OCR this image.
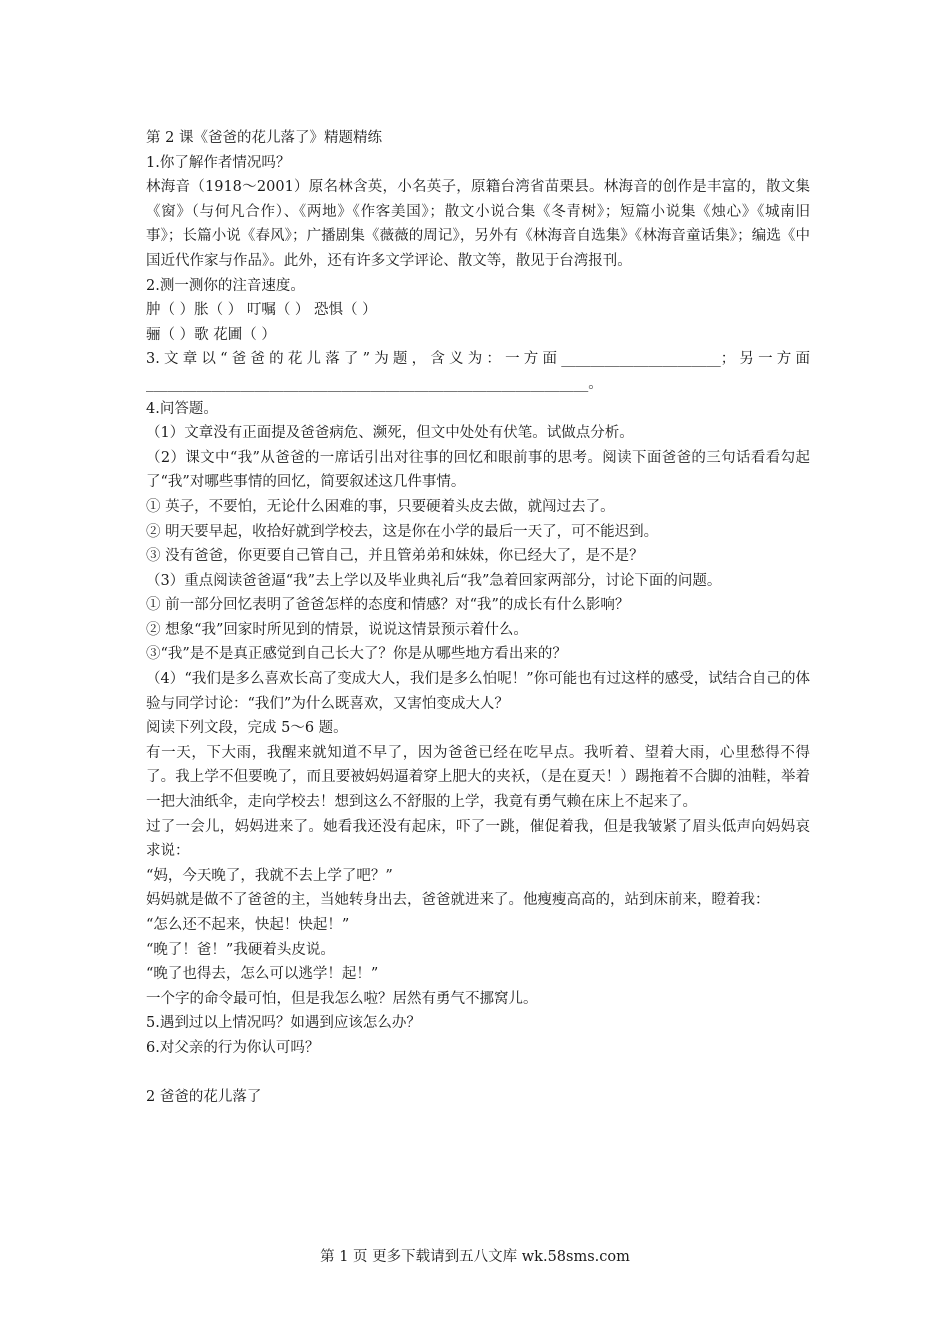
第 2 课《爸爸的花儿落了》精题精练

1.你了解作者情况吗？

林海音（1918～2001）原名林含英，小名英子，原籍台湾省苗栗县。林海音的创作是丰富的，散文集《窗》（与何凡合作）、《两地》《作客美国》；散文小说合集《冬青树》；短篇小说集《烛心》《城南旧事》；长篇小说《春风》；广播剧集《薇薇的周记》，另外有《林海音自选集》《林海音童话集》；编选《中国近代作家与作品》。此外，还有许多文学评论、散文等，散见于台湾报刊。

2.测一测你的注音速度。

肿（ ）胀（ ） 叮嘱（ ） 恐惧（ ）

骊（ ）歌 花圃（ ）

3.文章以“爸爸的花儿落了”为题，含义为：一方面______________________；另一方面_____________________________________________________________。

4.问答题。

（1）文章没有正面提及爸爸病危、濒死，但文中处处有伏笔。试做点分析。

（2）课文中“我”从爸爸的一席话引出对往事的回忆和眼前事的思考。阅读下面爸爸的三句话看看勾起了“我”对哪些事情的回忆，简要叙述这几件事情。

① 英子，不要怕，无论什么困难的事，只要硬着头皮去做，就闯过去了。

② 明天要早起，收拾好就到学校去，这是你在小学的最后一天了，可不能迟到。

③ 没有爸爸，你更要自己管自己，并且管弟弟和妹妹，你已经大了，是不是？

（3）重点阅读爸爸逼“我”去上学以及毕业典礼后“我”急着回家两部分，讨论下面的问题。

① 前一部分回忆表明了爸爸怎样的态度和情感？对“我”的成长有什么影响？

② 想象“我”回家时所见到的情景，说说这情景预示着什么。

③“我”是不是真正感觉到自己长大了？你是从哪些地方看出来的？

（4）“我们是多么喜欢长高了变成大人，我们是多么怕呢！”你可能也有过这样的感受，试结合自己的体验与同学讨论：“我们”为什么既喜欢，又害怕变成大人？

阅读下列文段，完成 5～6 题。

有一天，下大雨，我醒来就知道不早了，因为爸爸已经在吃早点。我听着、望着大雨，心里愁得不得了。我上学不但要晚了，而且要被妈妈逼着穿上肥大的夹袄，（是在夏天！）踢拖着不合脚的油鞋，举着一把大油纸伞，走向学校去！想到这么不舒服的上学，我竟有勇气赖在床上不起来了。

过了一会儿，妈妈进来了。她看我还没有起床，吓了一跳，催促着我，但是我皱紧了眉头低声向妈妈哀求说：

“妈，今天晚了，我就不去上学了吧？”

妈妈就是做不了爸爸的主，当她转身出去，爸爸就进来了。他瘦瘦高高的，站到床前来，瞪着我：

“怎么还不起来，快起！快起！”

“晚了！爸！”我硬着头皮说。

“晚了也得去，怎么可以逃学！起！”

一个字的命令最可怕，但是我怎么啦？居然有勇气不挪窝儿。

5.遇到过以上情况吗？如遇到应该怎么办？

6.对父亲的行为你认可吗？

2 爸爸的花儿落了

第 1 页 更多下载请到五八文库 wk.58sms.com
